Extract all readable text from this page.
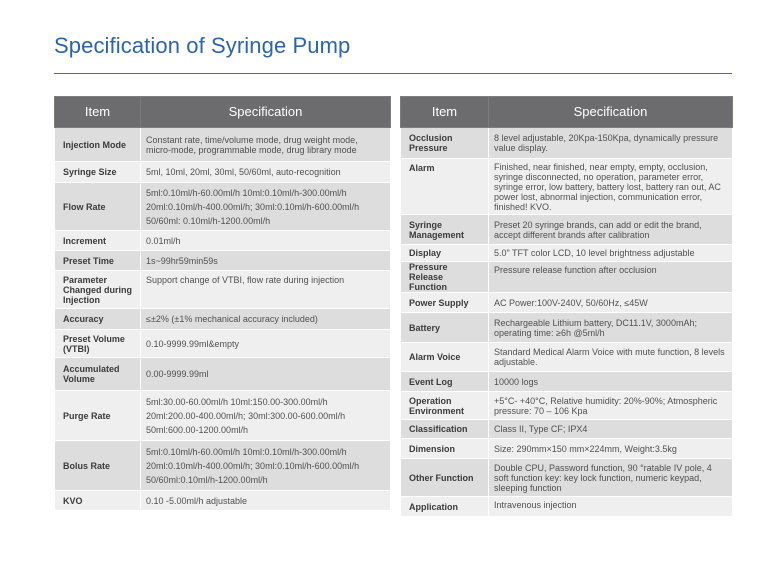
Specification of Syringe Pump
Item	Specification
Injection Mode	Constant rate, time/volume mode, drug weight mode, micro-mode, programmable mode, drug library mode
Syringe Size	5ml, 10ml, 20ml, 30ml, 50/60ml, auto-recognition
Flow Rate	5ml:0.10ml/h-60.00ml/h 10ml:0.10ml/h-300.00ml/h
20ml:0.10ml/h-400.00ml/h; 30ml:0.10ml/h-600.00ml/h
50/60ml: 0.10ml/h-1200.00ml/h
Increment	0.01ml/h
Preset Time	1s~99hr59min59s
Parameter Changed during Injection	Support change of VTBI, flow rate during injection
Accuracy	≤±2% (±1% mechanical accuracy included)
Preset Volume (VTBI)	0.10-9999.99ml&empty
Accumulated Volume	0.00-9999.99ml
Purge Rate	5ml:30.00-60.00ml/h 10ml:150.00-300.00ml/h
20ml:200.00-400.00ml/h; 30ml:300.00-600.00ml/h
50ml:600.00-1200.00ml/h
Bolus Rate	5ml:0.10ml/h-60.00ml/h 10ml:0.10ml/h-300.00ml/h
20ml:0.10ml/h-400.00ml/h; 30ml:0.10ml/h-600.00ml/h
50/60ml:0.10ml/h-1200.00ml/h
KVO	0.10 -5.00ml/h adjustable
Item	Specification
Occlusion Pressure	8 level adjustable, 20Kpa-150Kpa, dynamically pressure value display.
Alarm	Finished, near finished, near empty, empty, occlusion, syringe disconnected, no operation, parameter error, syringe error, low battery, battery lost, battery ran out, AC power lost, abnormal injection, communication error, finished! KVO.
Syringe Management	Preset 20 syringe brands, can add or edit the brand, accept different brands after calibration
Display	5.0" TFT color LCD, 10 level brightness adjustable
Pressure Release Function	Pressure release function after occlusion
Power Supply	AC Power:100V-240V, 50/60Hz, ≤45W
Battery	Rechargeable Lithium battery, DC11.1V, 3000mAh; operating time: ≥6h @5ml/h
Alarm Voice	Standard Medical Alarm Voice with mute function, 8 levels adjustable.
Event Log	10000 logs
Operation Environment	+5°C- +40°C, Relative humidity: 20%-90%; Atmospheric pressure: 70 – 106 Kpa
Classification	Class II, Type CF; IPX4
Dimension	Size: 290mm×150 mm×224mm, Weight:3.5kg
Other Function	Double CPU, Password function, 90 °ratable IV pole, 4 soft function key: key lock function, numeric keypad, sleeping function
Application	Intravenous injection
